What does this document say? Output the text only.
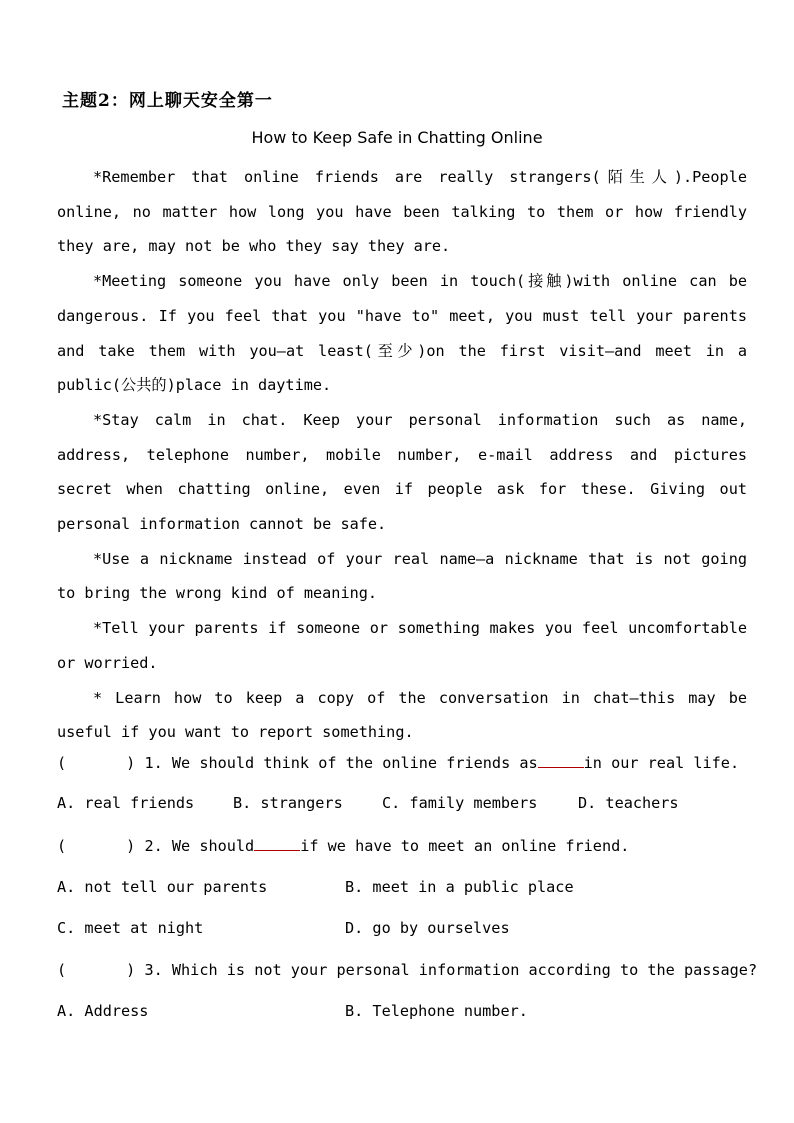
主题2：网上聊天安全第一
How to Keep Safe in Chatting Online

*Remember that online friends are really strangers(陌生人).People online, no matter how long you have been talking to them or how friendly they are, may not be who they say they are.

*Meeting someone you have only been in touch(接触)with online can be dangerous. If you feel that you "have to" meet, you must tell your parents and take them with you—at least(至少)on the first visit—and meet in a public(公共的)place in daytime.

*Stay calm in chat. Keep your personal information such as name, address, telephone number, mobile number, e-mail address and pictures secret when chatting online, even if people ask for these. Giving out personal information cannot be safe.

*Use a nickname instead of your real name—a nickname that is not going to bring the wrong kind of meaning.

*Tell your parents if someone or something makes you feel uncomfortable or worried.

* Learn how to keep a copy of the conversation in chat—this may be useful if you want to report something.

(	) 1. We should think of the online friends as	in our real life.
A. real friends	B. strangers	C. family members	D. teachers
(	) 2. We should	if we have to meet an online friend.
A. not tell our parents	B. meet in a public place
C. meet at night	D. go by ourselves
(	) 3. Which is not your personal information according to the passage?
A. Address	B. Telephone number.
